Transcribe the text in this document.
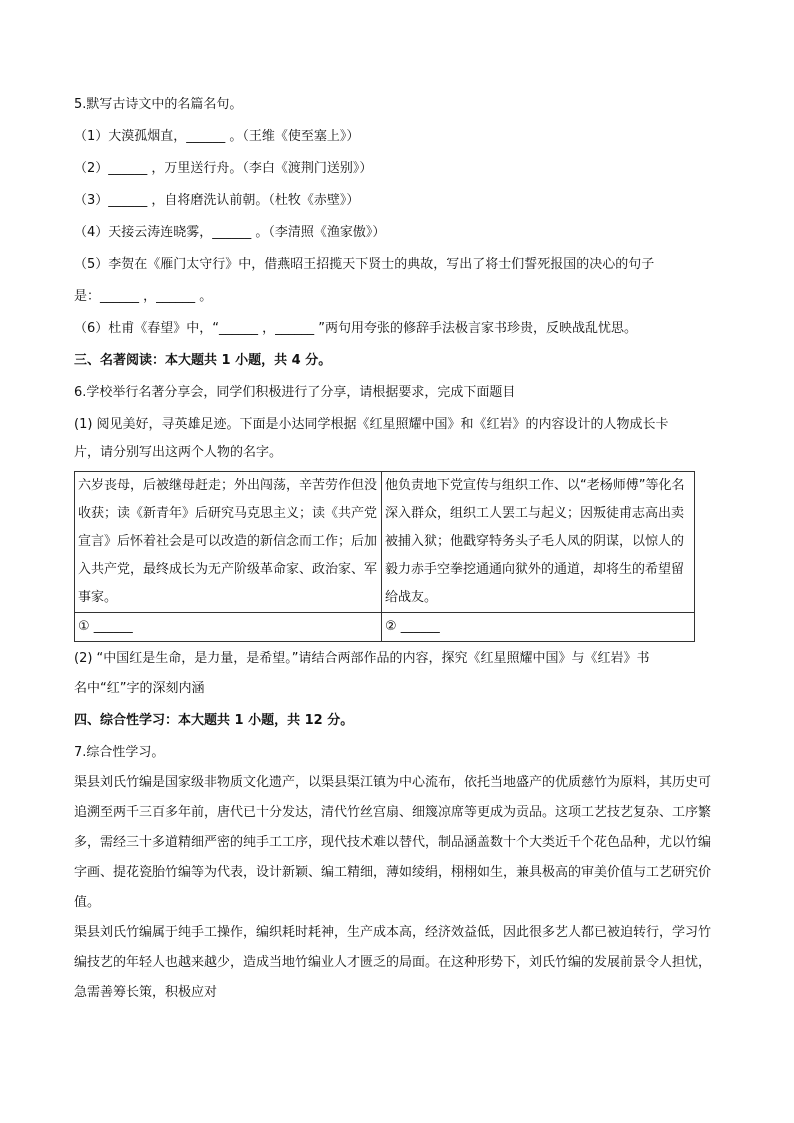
5.默写古诗文中的名篇名句。
（1）大漠孤烟直，______ 。（王维《使至塞上》）
（2）______ ，万里送行舟。（李白《渡荆门送别》）
（3）______ ，自将磨洗认前朝。（杜牧《赤壁》）
（4）天接云涛连晓雾，______ 。（李清照《渔家傲》）
（5）李贺在《雁门太守行》中，借燕昭王招揽天下贤士的典故，写出了将士们誓死报国的决心的句子
是：______ ，______ 。
（6）杜甫《春望》中，“______ ，______ ”两句用夸张的修辞手法极言家书珍贵，反映战乱忧思。
三、名著阅读：本大题共 1 小题，共 4 分。
6.学校举行名著分享会，同学们积极进行了分享，请根据要求，完成下面题目
(1) 阅见美好，寻英雄足迹。下面是小达同学根据《红星照耀中国》和《红岩》的内容设计的人物成长卡
片，请分别写出这两个人物的名字。
六岁丧母，后被继母赶走；外出闯荡，辛苦劳作但没收获；读《新青年》后研究马克思主义；读《共产党宣言》后怀着社会是可以改造的新信念而工作；后加入共产党，最终成长为无产阶级革命家、政治家、军事家。	他负责地下党宣传与组织工作、以“老杨师傅”等化名深入群众，组织工人罢工与起义；因叛徒甫志高出卖被捕入狱；他戳穿特务头子毛人凤的阴谋，以惊人的毅力赤手空拳挖通通向狱外的通道，却将生的希望留给战友。
① ______	② ______
(2) “中国红是生命，是力量，是希望。”请结合两部作品的内容，探究《红星照耀中国》与《红岩》书
名中“红”字的深刻内涵
四、综合性学习：本大题共 1 小题，共 12 分。
7.综合性学习。
渠县刘氏竹编是国家级非物质文化遗产，以渠县渠江镇为中心流布，依托当地盛产的优质慈竹为原料，其历史可追溯至两千三百多年前，唐代已十分发达，清代竹丝宫扇、细篾凉席等更成为贡品。这项工艺技艺复杂、工序繁多，需经三十多道精细严密的纯手工工序，现代技术难以替代，制品涵盖数十个大类近千个花色品种，尤以竹编字画、提花瓷胎竹编等为代表，设计新颖、编工精细，薄如绫绢，栩栩如生，兼具极高的审美价值与工艺研究价值。
渠县刘氏竹编属于纯手工操作，编织耗时耗神，生产成本高，经济效益低，因此很多艺人都已被迫转行，学习竹编技艺的年轻人也越来越少，造成当地竹编业人才匮乏的局面。在这种形势下，刘氏竹编的发展前景令人担忧，急需善筹长策，积极应对
